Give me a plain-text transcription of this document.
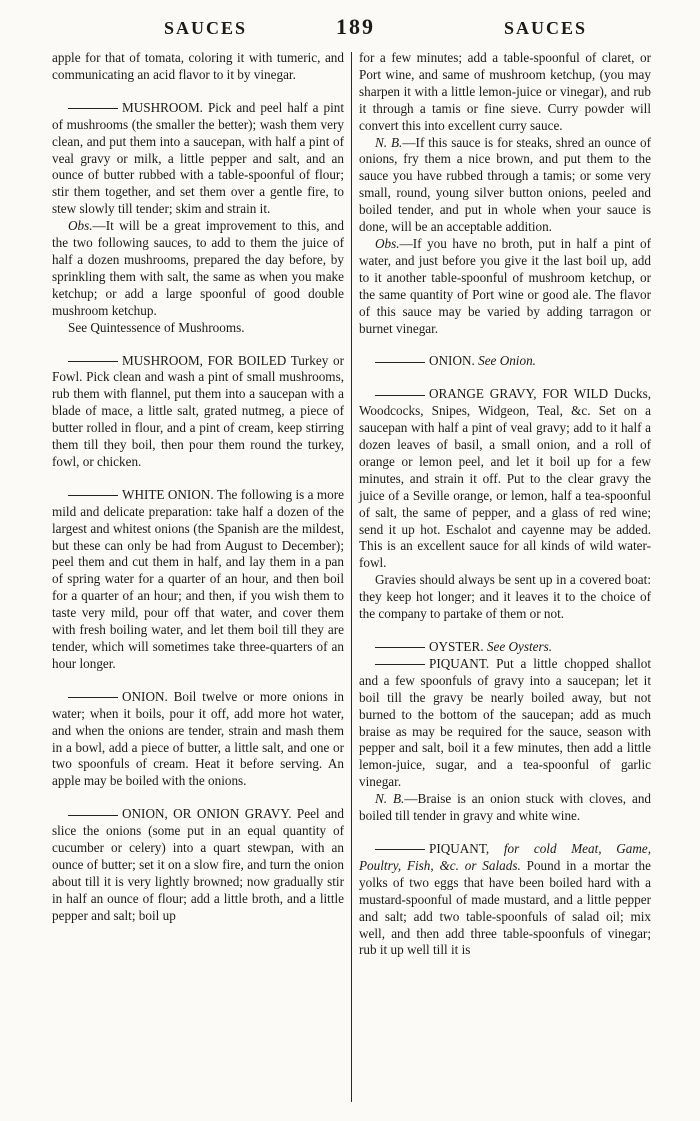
SAUCES	189	SAUCES

apple for that of tomata, coloring it with tumeric, and communicating an acid flavor to it by vinegar.

MUSHROOM. Pick and peel half a pint of mushrooms (the smaller the better); wash them very clean, and put them into a saucepan, with half a pint of veal gravy or milk, a little pepper and salt, and an ounce of butter rubbed with a table-spoonful of flour; stir them together, and set them over a gentle fire, to stew slowly till tender; skim and strain it.

Obs.—It will be a great improvement to this, and the two following sauces, to add to them the juice of half a dozen mushrooms, prepared the day before, by sprinkling them with salt, the same as when you make ketchup; or add a large spoonful of good double mushroom ketchup.

See Quintessence of Mushrooms.

MUSHROOM, FOR BOILED Turkey or Fowl. Pick clean and wash a pint of small mushrooms, rub them with flannel, put them into a saucepan with a blade of mace, a little salt, grated nutmeg, a piece of butter rolled in flour, and a pint of cream, keep stirring them till they boil, then pour them round the turkey, fowl, or chicken.

WHITE ONION. The following is a more mild and delicate preparation: take half a dozen of the largest and whitest onions (the Spanish are the mildest, but these can only be had from August to December); peel them and cut them in half, and lay them in a pan of spring water for a quarter of an hour, and then boil for a quarter of an hour; and then, if you wish them to taste very mild, pour off that water, and cover them with fresh boiling water, and let them boil till they are tender, which will sometimes take three-quarters of an hour longer.

ONION. Boil twelve or more onions in water; when it boils, pour it off, add more hot water, and when the onions are tender, strain and mash them in a bowl, add a piece of butter, a little salt, and one or two spoonfuls of cream. Heat it before serving. An apple may be boiled with the onions.

ONION, OR ONION GRAVY. Peel and slice the onions (some put in an equal quantity of cucumber or celery) into a quart stewpan, with an ounce of butter; set it on a slow fire, and turn the onion about till it is very lightly browned; now gradually stir in half an ounce of flour; add a little broth, and a little pepper and salt; boil up

for a few minutes; add a table-spoonful of claret, or Port wine, and same of mushroom ketchup, (you may sharpen it with a little lemon-juice or vinegar), and rub it through a tamis or fine sieve. Curry powder will convert this into excellent curry sauce.

N. B.—If this sauce is for steaks, shred an ounce of onions, fry them a nice brown, and put them to the sauce you have rubbed through a tamis; or some very small, round, young silver button onions, peeled and boiled tender, and put in whole when your sauce is done, will be an acceptable addition.

Obs.—If you have no broth, put in half a pint of water, and just before you give it the last boil up, add to it another table-spoonful of mushroom ketchup, or the same quantity of Port wine or good ale. The flavor of this sauce may be varied by adding tarragon or burnet vinegar.

ONION. See Onion.

ORANGE GRAVY, FOR WILD Ducks, Woodcocks, Snipes, Widgeon, Teal, &c. Set on a saucepan with half a pint of veal gravy; add to it half a dozen leaves of basil, a small onion, and a roll of orange or lemon peel, and let it boil up for a few minutes, and strain it off. Put to the clear gravy the juice of a Seville orange, or lemon, half a tea-spoonful of salt, the same of pepper, and a glass of red wine; send it up hot. Eschalot and cayenne may be added. This is an excellent sauce for all kinds of wild water-fowl.

Gravies should always be sent up in a covered boat: they keep hot longer; and it leaves it to the choice of the company to partake of them or not.

OYSTER. See Oysters.

PIQUANT. Put a little chopped shallot and a few spoonfuls of gravy into a saucepan; let it boil till the gravy be nearly boiled away, but not burned to the bottom of the saucepan; add as much braise as may be required for the sauce, season with pepper and salt, boil it a few minutes, then add a little lemon-juice, sugar, and a tea-spoonful of garlic vinegar.

N. B.—Braise is an onion stuck with cloves, and boiled till tender in gravy and white wine.

PIQUANT, for cold Meat, Game, Poultry, Fish, &c. or Salads. Pound in a mortar the yolks of two eggs that have been boiled hard with a mustard-spoonful of made mustard, and a little pepper and salt; add two table-spoonfuls of salad oil; mix well, and then add three table-spoonfuls of vinegar; rub it up well till it is
